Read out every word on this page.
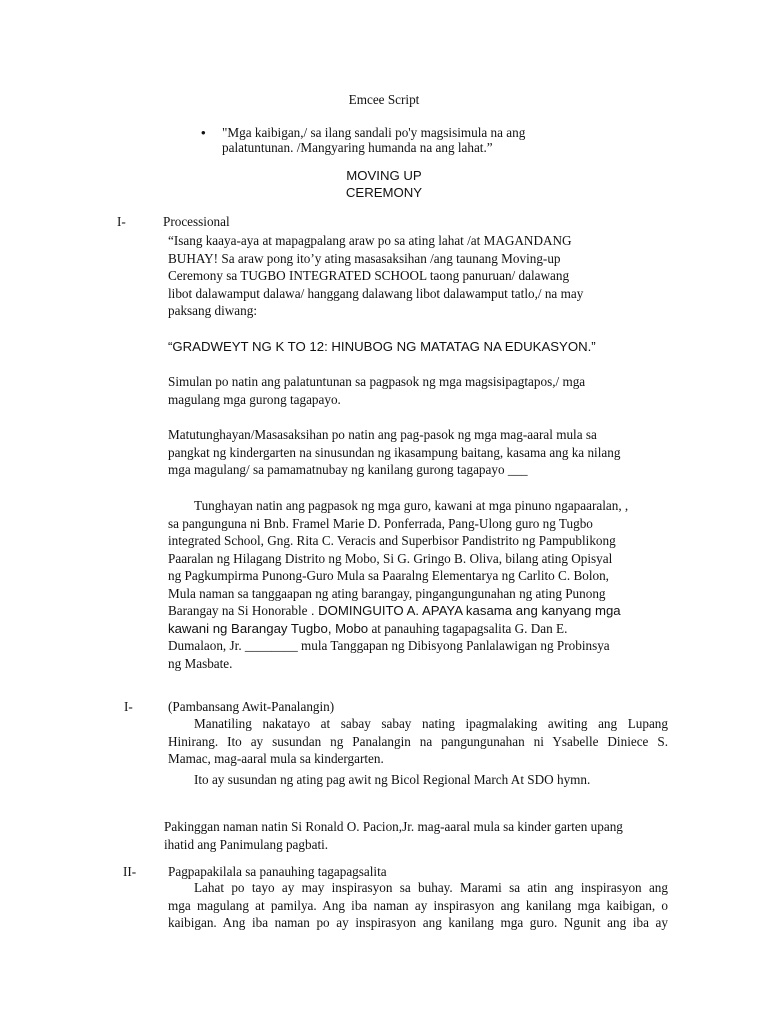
Emcee Script
• "Mga kaibigan,/ sa ilang sandali po'y magsisimula na ang
palatuntunan. /Mangyaring humanda na ang lahat.”
MOVING UP
CEREMONY
I-	Processional

“Isang kaaya-aya at mapagpalang araw po sa ating lahat /at MAGANDANG

BUHAY! Sa araw pong ito’y ating masasaksihan /ang taunang Moving-up

Ceremony sa TUGBO INTEGRATED SCHOOL taong panuruan/ dalawang

libot dalawamput dalawa/ hanggang dalawang libot dalawamput tatlo,/ na may

paksang diwang:

“GRADWEYT NG K TO 12: HINUBOG NG MATATAG NA EDUKASYON.”

Simulan po natin ang palatuntunan sa pagpasok ng mga magsisipagtapos,/ mga

magulang mga gurong tagapayo.

Matutunghayan/Masasaksihan po natin ang pag-pasok ng mga mag-aaral mula sa

pangkat ng kindergarten na sinusundan ng ikasampung baitang, kasama ang ka nilang

mga magulang/ sa pamamatnubay ng kanilang gurong tagapayo ___

Tunghayan natin ang pagpasok ng mga guro, kawani at mga pinuno ngapaaralan, ,

sa pangunguna ni Bnb. Framel Marie D. Ponferrada, Pang-Ulong guro ng Tugbo

integrated School, Gng. Rita C. Veracis and Superbisor Pandistrito ng Pampublikong

Paaralan ng Hilagang Distrito ng Mobo, Si G. Gringo B. Oliva, bilang ating Opisyal

ng Pagkumpirma Punong-Guro Mula sa Paaralng Elementarya ng Carlito C. Bolon,

Mula naman sa tanggaapan ng ating barangay, pingangungunahan ng ating Punong

Barangay na Si Honorable . DOMINGUITO A. APAYA kasama ang kanyang mga

kawani ng Barangay Tugbo, Mobo at panauhing tagapagsalita G. Dan E.

Dumalaon, Jr. ________ mula Tanggapan ng Dibisyong Panlalawigan ng Probinsya

ng Masbate.

I-	(Pambansang Awit-Panalangin)

Manatiling nakatayo at sabay sabay nating ipagmalaking awiting ang Lupang

Hinirang. Ito ay susundan ng Panalangin na pangungunahan ni Ysabelle Diniece S.

Mamac, mag-aaral mula sa kindergarten.
Ito ay susundan ng ating pag awit ng Bicol Regional March At SDO hymn.

Pakinggan naman natin Si Ronald O. Pacion,Jr. mag-aaral mula sa kinder garten upang

ihatid ang Panimulang pagbati.

II- Pagpapakilala sa panauhing tagapagsalita

Lahat po tayo ay may inspirasyon sa buhay. Marami sa atin ang inspirasyon ang

mga magulang at pamilya. Ang iba naman ay inspirasyon ang kanilang mga kaibigan, o

kaibigan. Ang iba naman po ay inspirasyon ang kanilang mga guro. Ngunit ang iba ay
